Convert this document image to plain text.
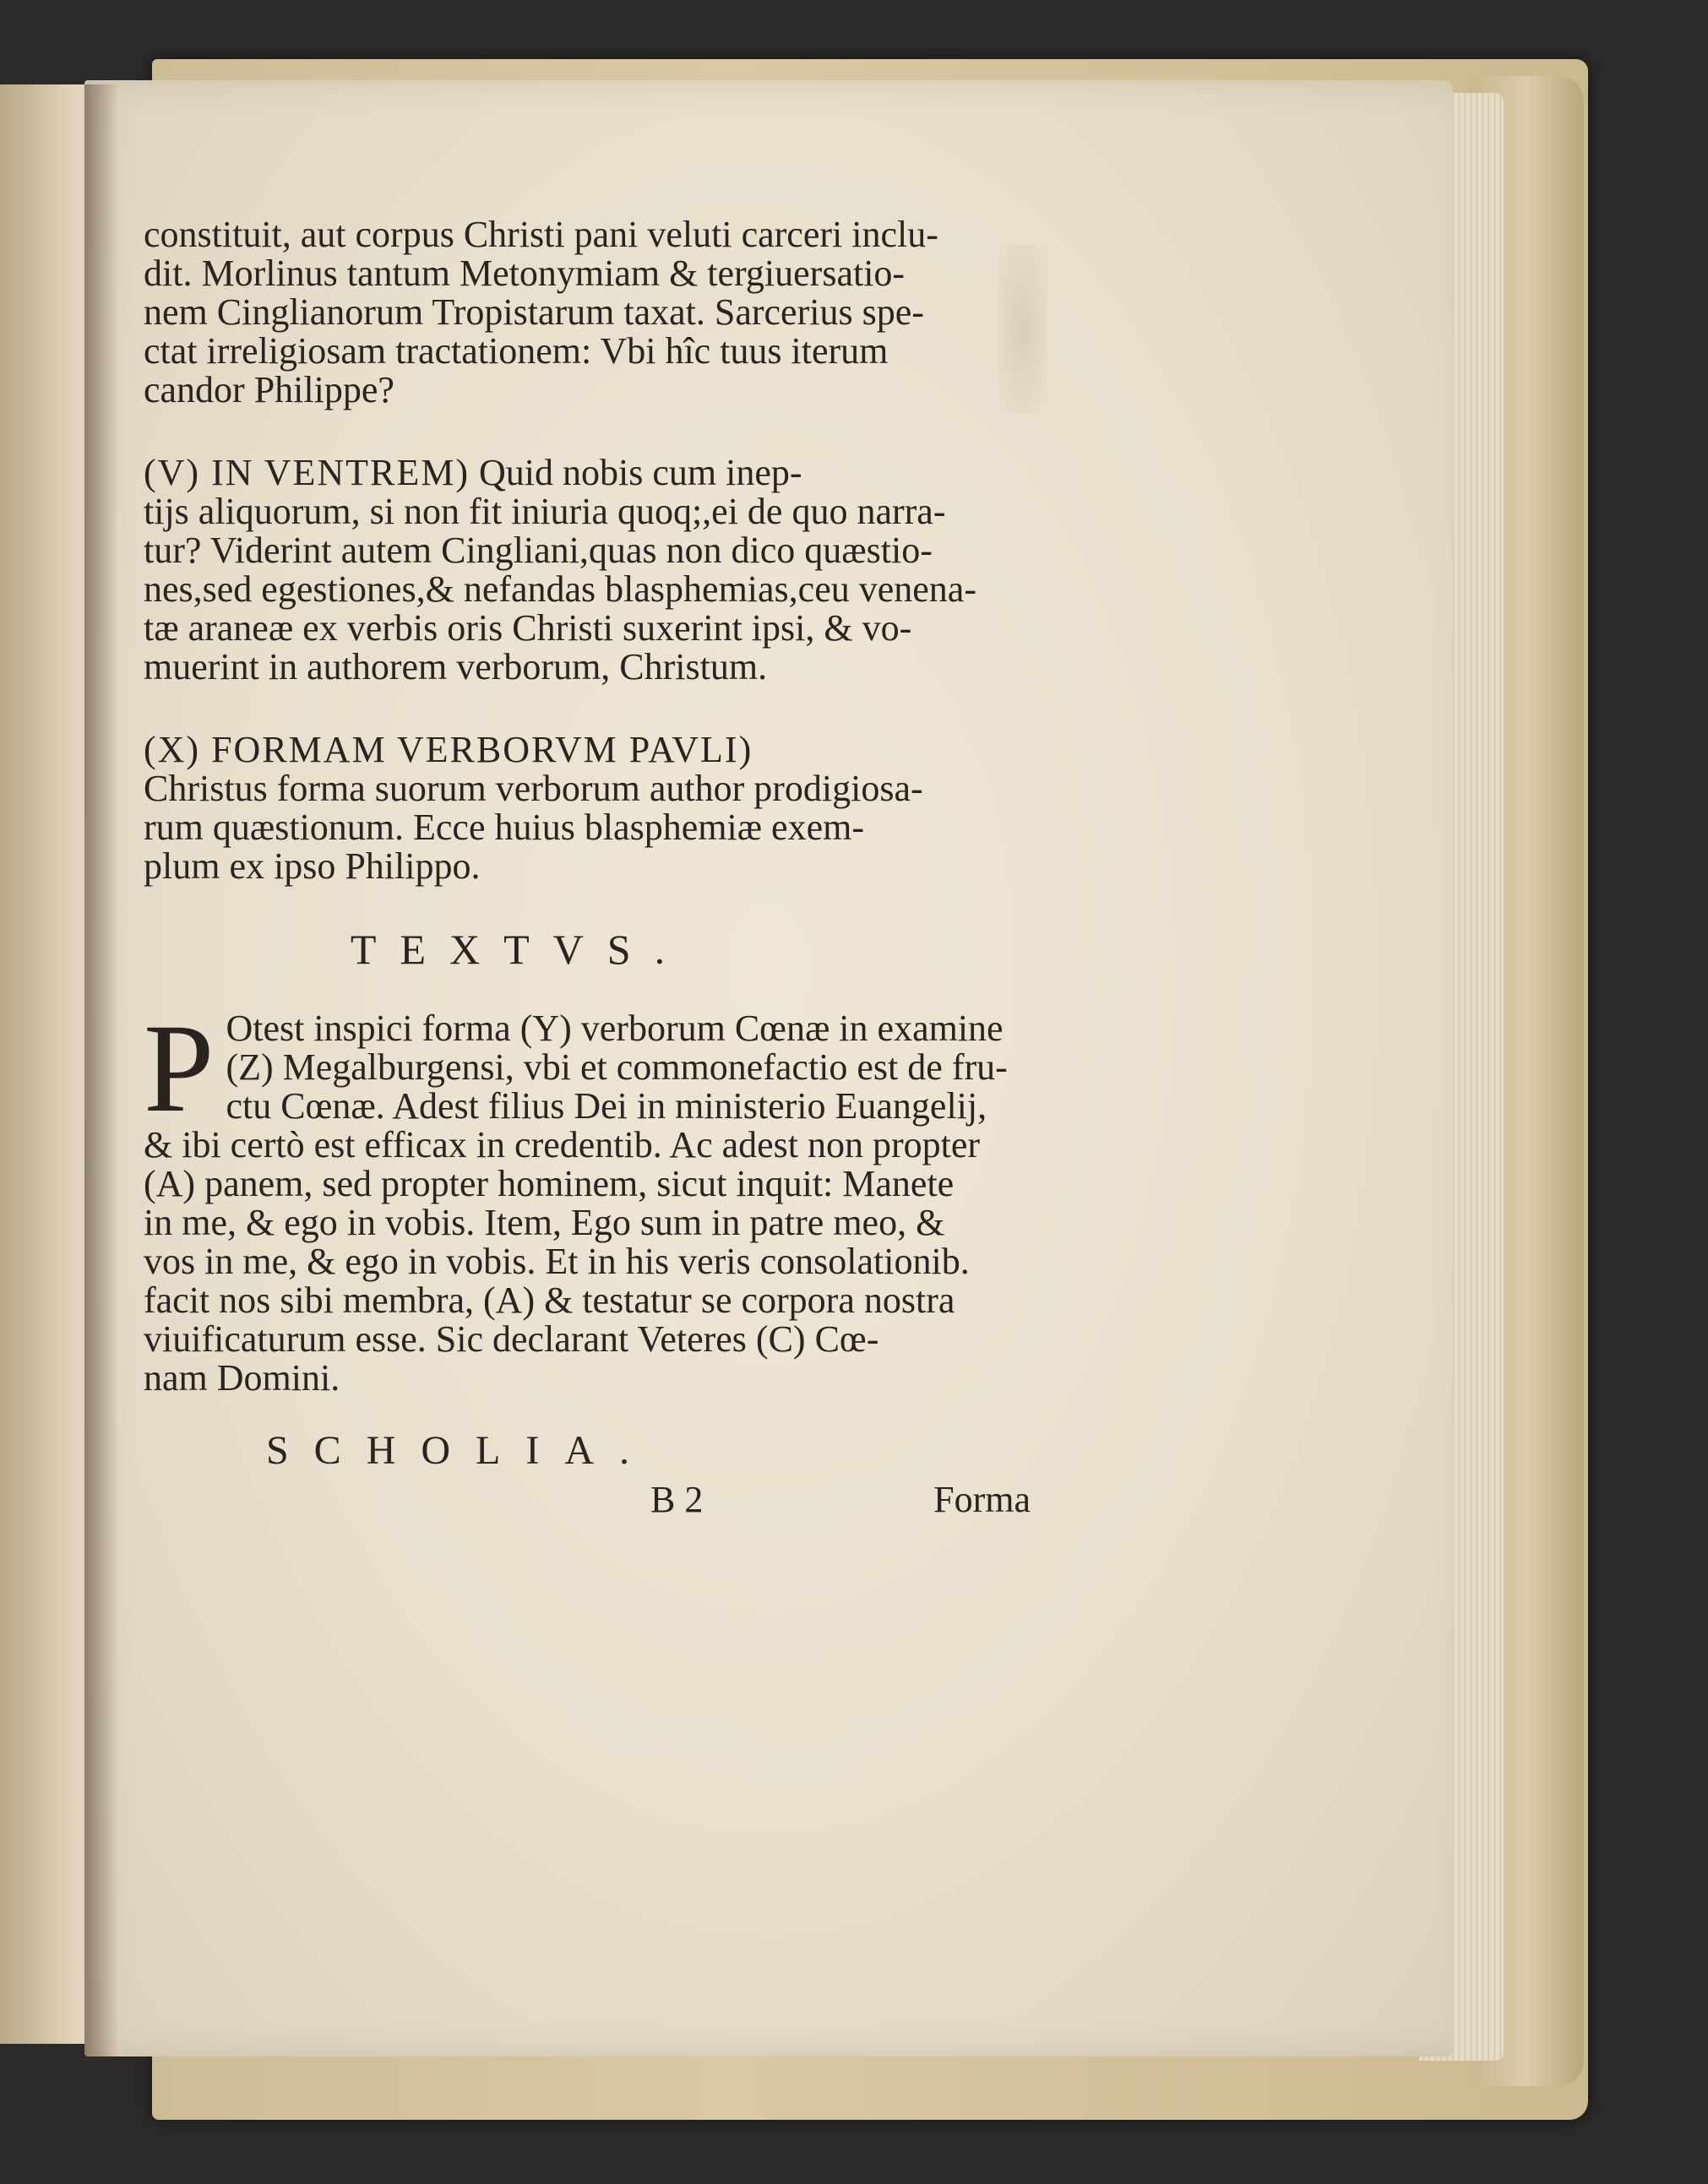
constituit, aut corpus Christi pani veluti carceri inclu-
dit. Morlinus tantum Metonymiam & tergiuersatio-
nem Cinglianorum Tropistarum taxat. Sarcerius spe-
ctat irreligiosam tractationem: Vbi hîc tuus iterum
candor Philippe?
(V) IN VENTREM) Quid nobis cum inep-
tijs aliquorum, si non fit iniuria quoq;,ei de quo narra-
tur? Viderint autem Cingliani,quas non dico quæstio-
nes,sed egestiones,& nefandas blasphemias,ceu venena-
tæ araneæ ex verbis oris Christi suxerint ipsi, & vo-
muerint in authorem verborum, Christum.
(X) FORMAM VERBORVM PAVLI)
Christus forma suorum verborum author prodigiosa-
rum quæstionum. Ecce huius blasphemiæ exem-
plum ex ipso Philippo.
TEXTVS.
P Otest inspici forma (Y) verborum Cœnæ in examine
(Z) Megalburgensi, vbi et commonefactio est de fru-
ctu Cœnæ. Adest filius Dei in ministerio Euangelij,
& ibi certò est efficax in credentib. Ac adest non propter
(A) panem, sed propter hominem, sicut inquit: Manete
in me, & ego in vobis. Item, Ego sum in patre meo, &
vos in me, & ego in vobis. Et in his veris consolationib.
facit nos sibi membra, (A) & testatur se corpora nostra
viuificaturum esse. Sic declarant Veteres (C) Cœ-
nam Domini.
SCHOLIA.
B 2	Forma
